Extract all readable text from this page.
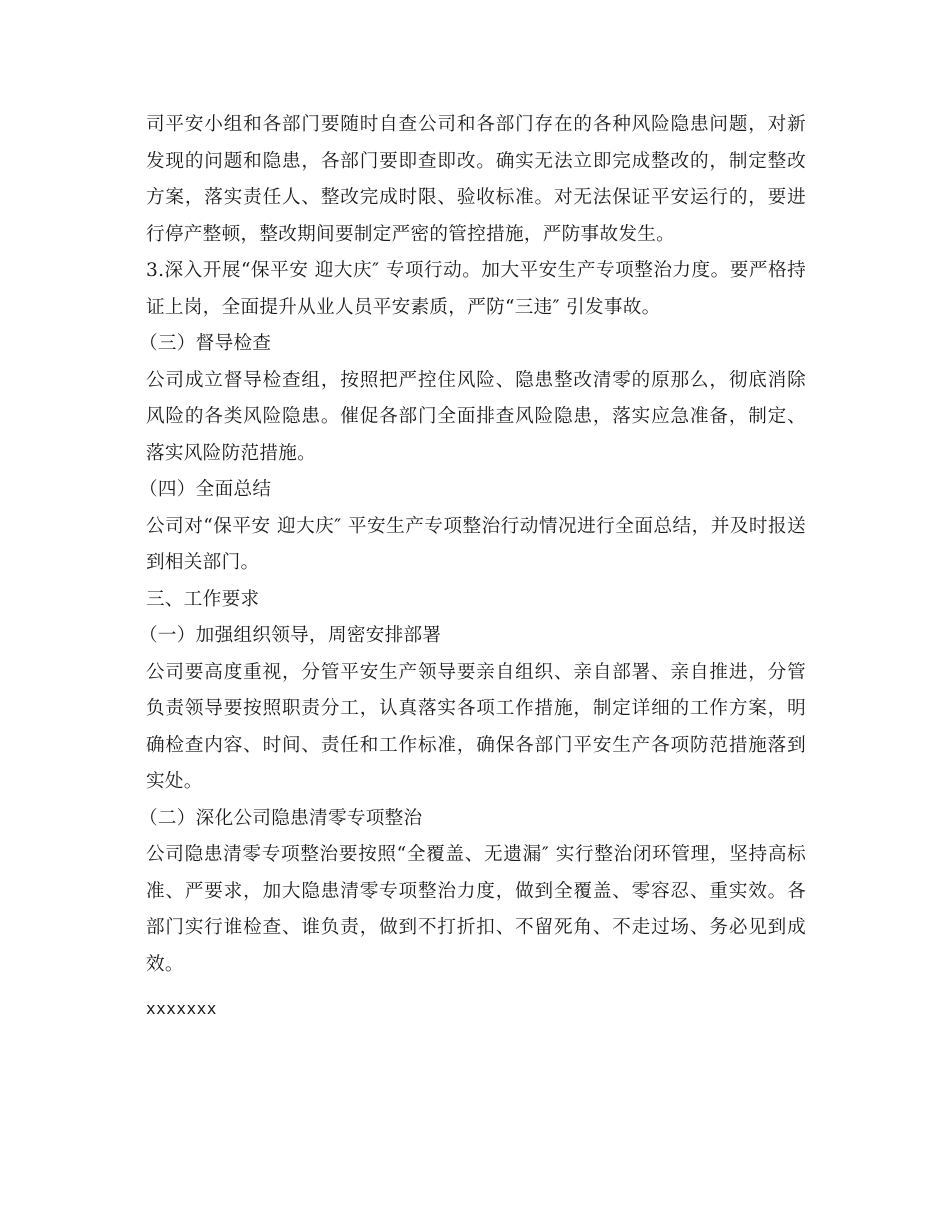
司平安小组和各部门要随时自查公司和各部门存在的各种风险隐患问题，对新发现的问题和隐患，各部门要即查即改。确实无法立即完成整改的，制定整改方案，落实责任人、整改完成时限、验收标准。对无法保证平安运行的，要进行停产整顿，整改期间要制定严密的管控措施，严防事故发生。

3.深入开展“保平安 迎大庆″ 专项行动。加大平安生产专项整治力度。要严格持证上岗，全面提升从业人员平安素质，严防“三违″ 引发事故。

（三）督导检查

公司成立督导检查组，按照把严控住风险、隐患整改清零的原那么，彻底消除风险的各类风险隐患。催促各部门全面排查风险隐患，落实应急准备，制定、落实风险防范措施。

（四）全面总结

公司对“保平安 迎大庆″ 平安生产专项整治行动情况进行全面总结，并及时报送到相关部门。

三、工作要求

（一）加强组织领导，周密安排部署

公司要高度重视，分管平安生产领导要亲自组织、亲自部署、亲自推进，分管负责领导要按照职责分工，认真落实各项工作措施，制定详细的工作方案，明确检查内容、时间、责任和工作标准，确保各部门平安生产各项防范措施落到实处。

（二）深化公司隐患清零专项整治

公司隐患清零专项整治要按照“全覆盖、无遗漏″ 实行整治闭环管理，坚持高标准、严要求，加大隐患清零专项整治力度，做到全覆盖、零容忍、重实效。各部门实行谁检查、谁负责，做到不打折扣、不留死角、不走过场、务必见到成效。

xxxxxxx
